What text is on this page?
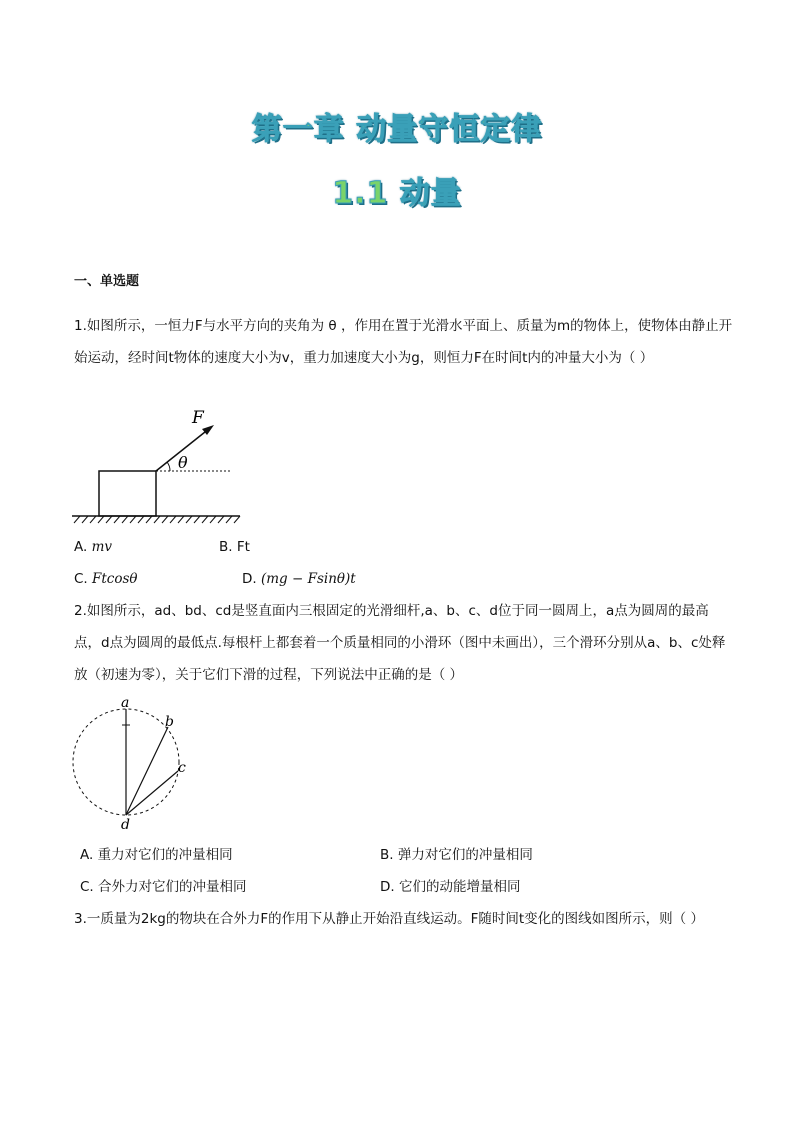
第一章 动量守恒定律
1.1 动量
一、单选题
1.如图所示，一恒力F与水平方向的夹角为 θ ，作用在置于光滑水平面上、质量为m的物体上，使物体由静止开始运动，经时间t物体的速度大小为v，重力加速度大小为g，则恒力F在时间t内的冲量大小为（ ）
F
θ
A. mv	B. Ft
C. Ftcosθ	D. (mg − Fsinθ)t
2.如图所示，ad、bd、cd是竖直面内三根固定的光滑细杆,a、b、c、d位于同一圆周上，a点为圆周的最高点，d点为圆周的最低点.每根杆上都套着一个质量相同的小滑环（图中未画出），三个滑环分别从a、b、c处释放（初速为零），关于它们下滑的过程，下列说法中正确的是（ ）
a
b
c
d
A. 重力对它们的冲量相同	B. 弹力对它们的冲量相同
C. 合外力对它们的冲量相同	D. 它们的动能增量相同
3.一质量为2kg的物块在合外力F的作用下从静止开始沿直线运动。F随时间t变化的图线如图所示，则（ ）
